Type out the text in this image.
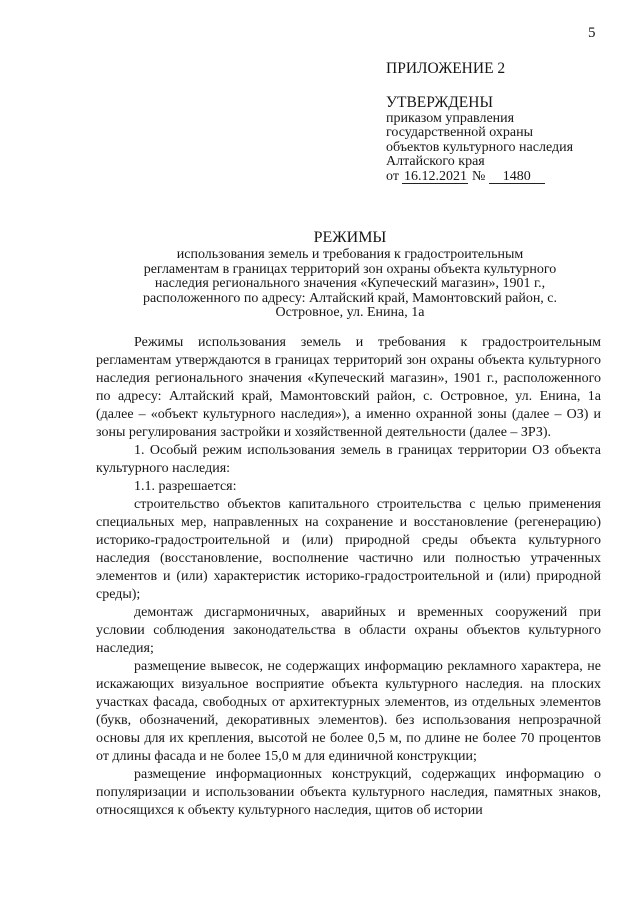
5
ПРИЛОЖЕНИЕ 2
УТВЕРЖДЕНЫ
приказом управления
государственной охраны
объектов культурного наследия
Алтайского края
от 16.12.2021 № 1480
РЕЖИМЫ
использования земель и требования к градостроительным регламентам в границах территорий зон охраны объекта культурного наследия регионального значения «Купеческий магазин», 1901 г., расположенного по адресу: Алтайский край, Мамонтовский район, с. Островное, ул. Енина, 1а

Режимы использования земель и требования к градостроительным регламентам утверждаются в границах территорий зон охраны объекта культурного наследия регионального значения «Купеческий магазин», 1901 г., расположенного по адресу: Алтайский край, Мамонтовский район, с. Островное, ул. Енина, 1а (далее – «объект культурного наследия»), а именно охранной зоны (далее – ОЗ) и зоны регулирования застройки и хозяйственной деятельности (далее – ЗРЗ).

1. Особый режим использования земель в границах территории ОЗ объекта культурного наследия:

1.1. разрешается:

строительство объектов капитального строительства с целью применения специальных мер, направленных на сохранение и восстановление (регенерацию) историко-градостроительной и (или) природной среды объекта культурного наследия (восстановление, восполнение частично или полностью утраченных элементов и (или) характеристик историко-градостроительной и (или) природной среды);

демонтаж дисгармоничных, аварийных и временных сооружений при условии соблюдения законодательства в области охраны объектов культурного наследия;

размещение вывесок, не содержащих информацию рекламного характера, не искажающих визуальное восприятие объекта культурного наследия. на плоских участках фасада, свободных от архитектурных элементов, из отдельных элементов (букв, обозначений, декоративных элементов). без использования непрозрачной основы для их крепления, высотой не более 0,5 м, по длине не более 70 процентов от длины фасада и не более 15,0 м для единичной конструкции;

размещение информационных конструкций, содержащих информацию о популяризации и использовании объекта культурного наследия, памятных знаков, относящихся к объекту культурного наследия, щитов об истории
